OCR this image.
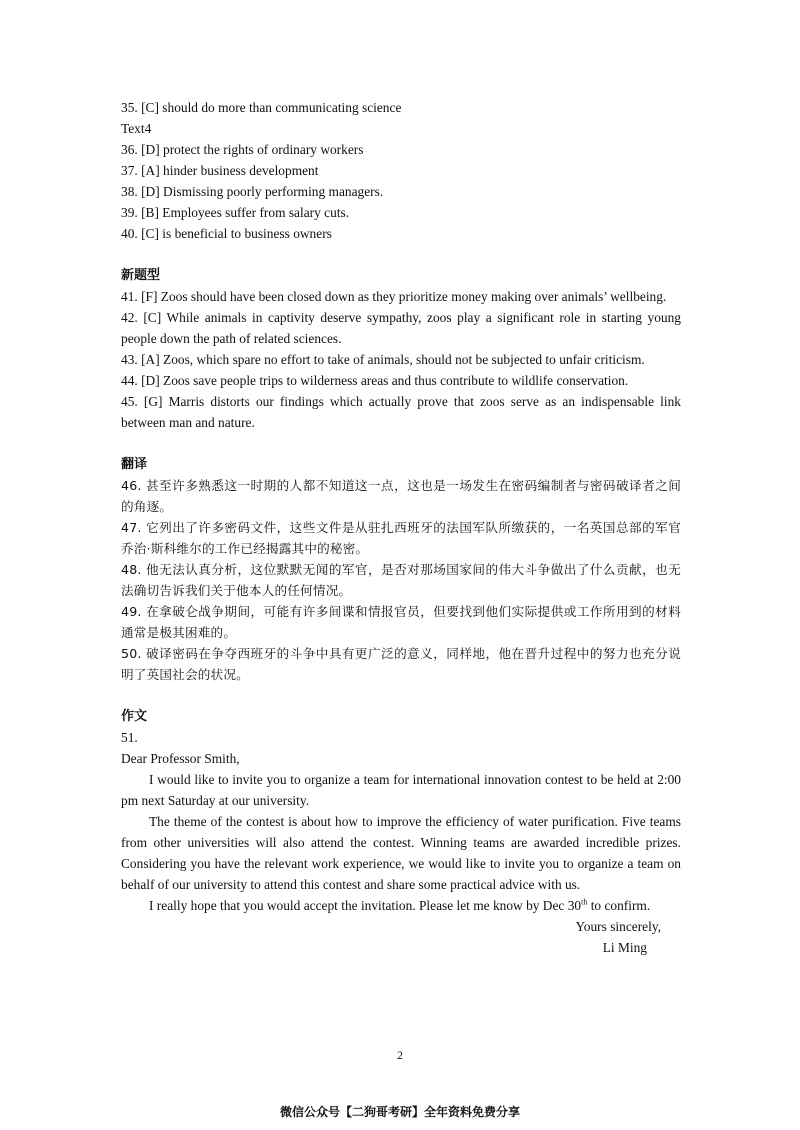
35. [C] should do more than communicating science
Text4
36. [D] protect the rights of ordinary workers
37. [A] hinder business development
38. [D] Dismissing poorly performing managers.
39. [B] Employees suffer from salary cuts.
40. [C] is beneficial to business owners
新题型
41. [F] Zoos should have been closed down as they prioritize money making over animals’ wellbeing.
42. [C] While animals in captivity deserve sympathy, zoos play a significant role in starting young people down the path of related sciences.
43. [A] Zoos, which spare no effort to take of animals, should not be subjected to unfair criticism.
44. [D] Zoos save people trips to wilderness areas and thus contribute to wildlife conservation.
45. [G] Marris distorts our findings which actually prove that zoos serve as an indispensable link between man and nature.
翻译
46. 甚至许多熟悉这一时期的人都不知道这一点，这也是一场发生在密码编制者与密码破译者之间的角逐。
47. 它列出了许多密码文件，这些文件是从驻扎西班牙的法国军队所缴获的，一名英国总部的军官乔治·斯科维尔的工作已经揭露其中的秘密。
48. 他无法认真分析，这位默默无闻的军官，是否对那场国家间的伟大斗争做出了什么贡献，也无法确切告诉我们关于他本人的任何情况。
49. 在拿破仑战争期间，可能有许多间谍和情报官员，但要找到他们实际提供或工作所用到的材料通常是极其困难的。
50. 破译密码在争夺西班牙的斗争中具有更广泛的意义，同样地，他在晋升过程中的努力也充分说明了英国社会的状况。
作文
51.
Dear Professor Smith,
I would like to invite you to organize a team for international innovation contest to be held at 2:00 pm next Saturday at our university.
The theme of the contest is about how to improve the efficiency of water purification. Five teams from other universities will also attend the contest. Winning teams are awarded incredible prizes. Considering you have the relevant work experience, we would like to invite you to organize a team on behalf of our university to attend this contest and share some practical advice with us.
I really hope that you would accept the invitation. Please let me know by Dec 30th to confirm.
Yours sincerely,
Li Ming
2
微信公众号【二狗哥考研】全年资料免费分享
